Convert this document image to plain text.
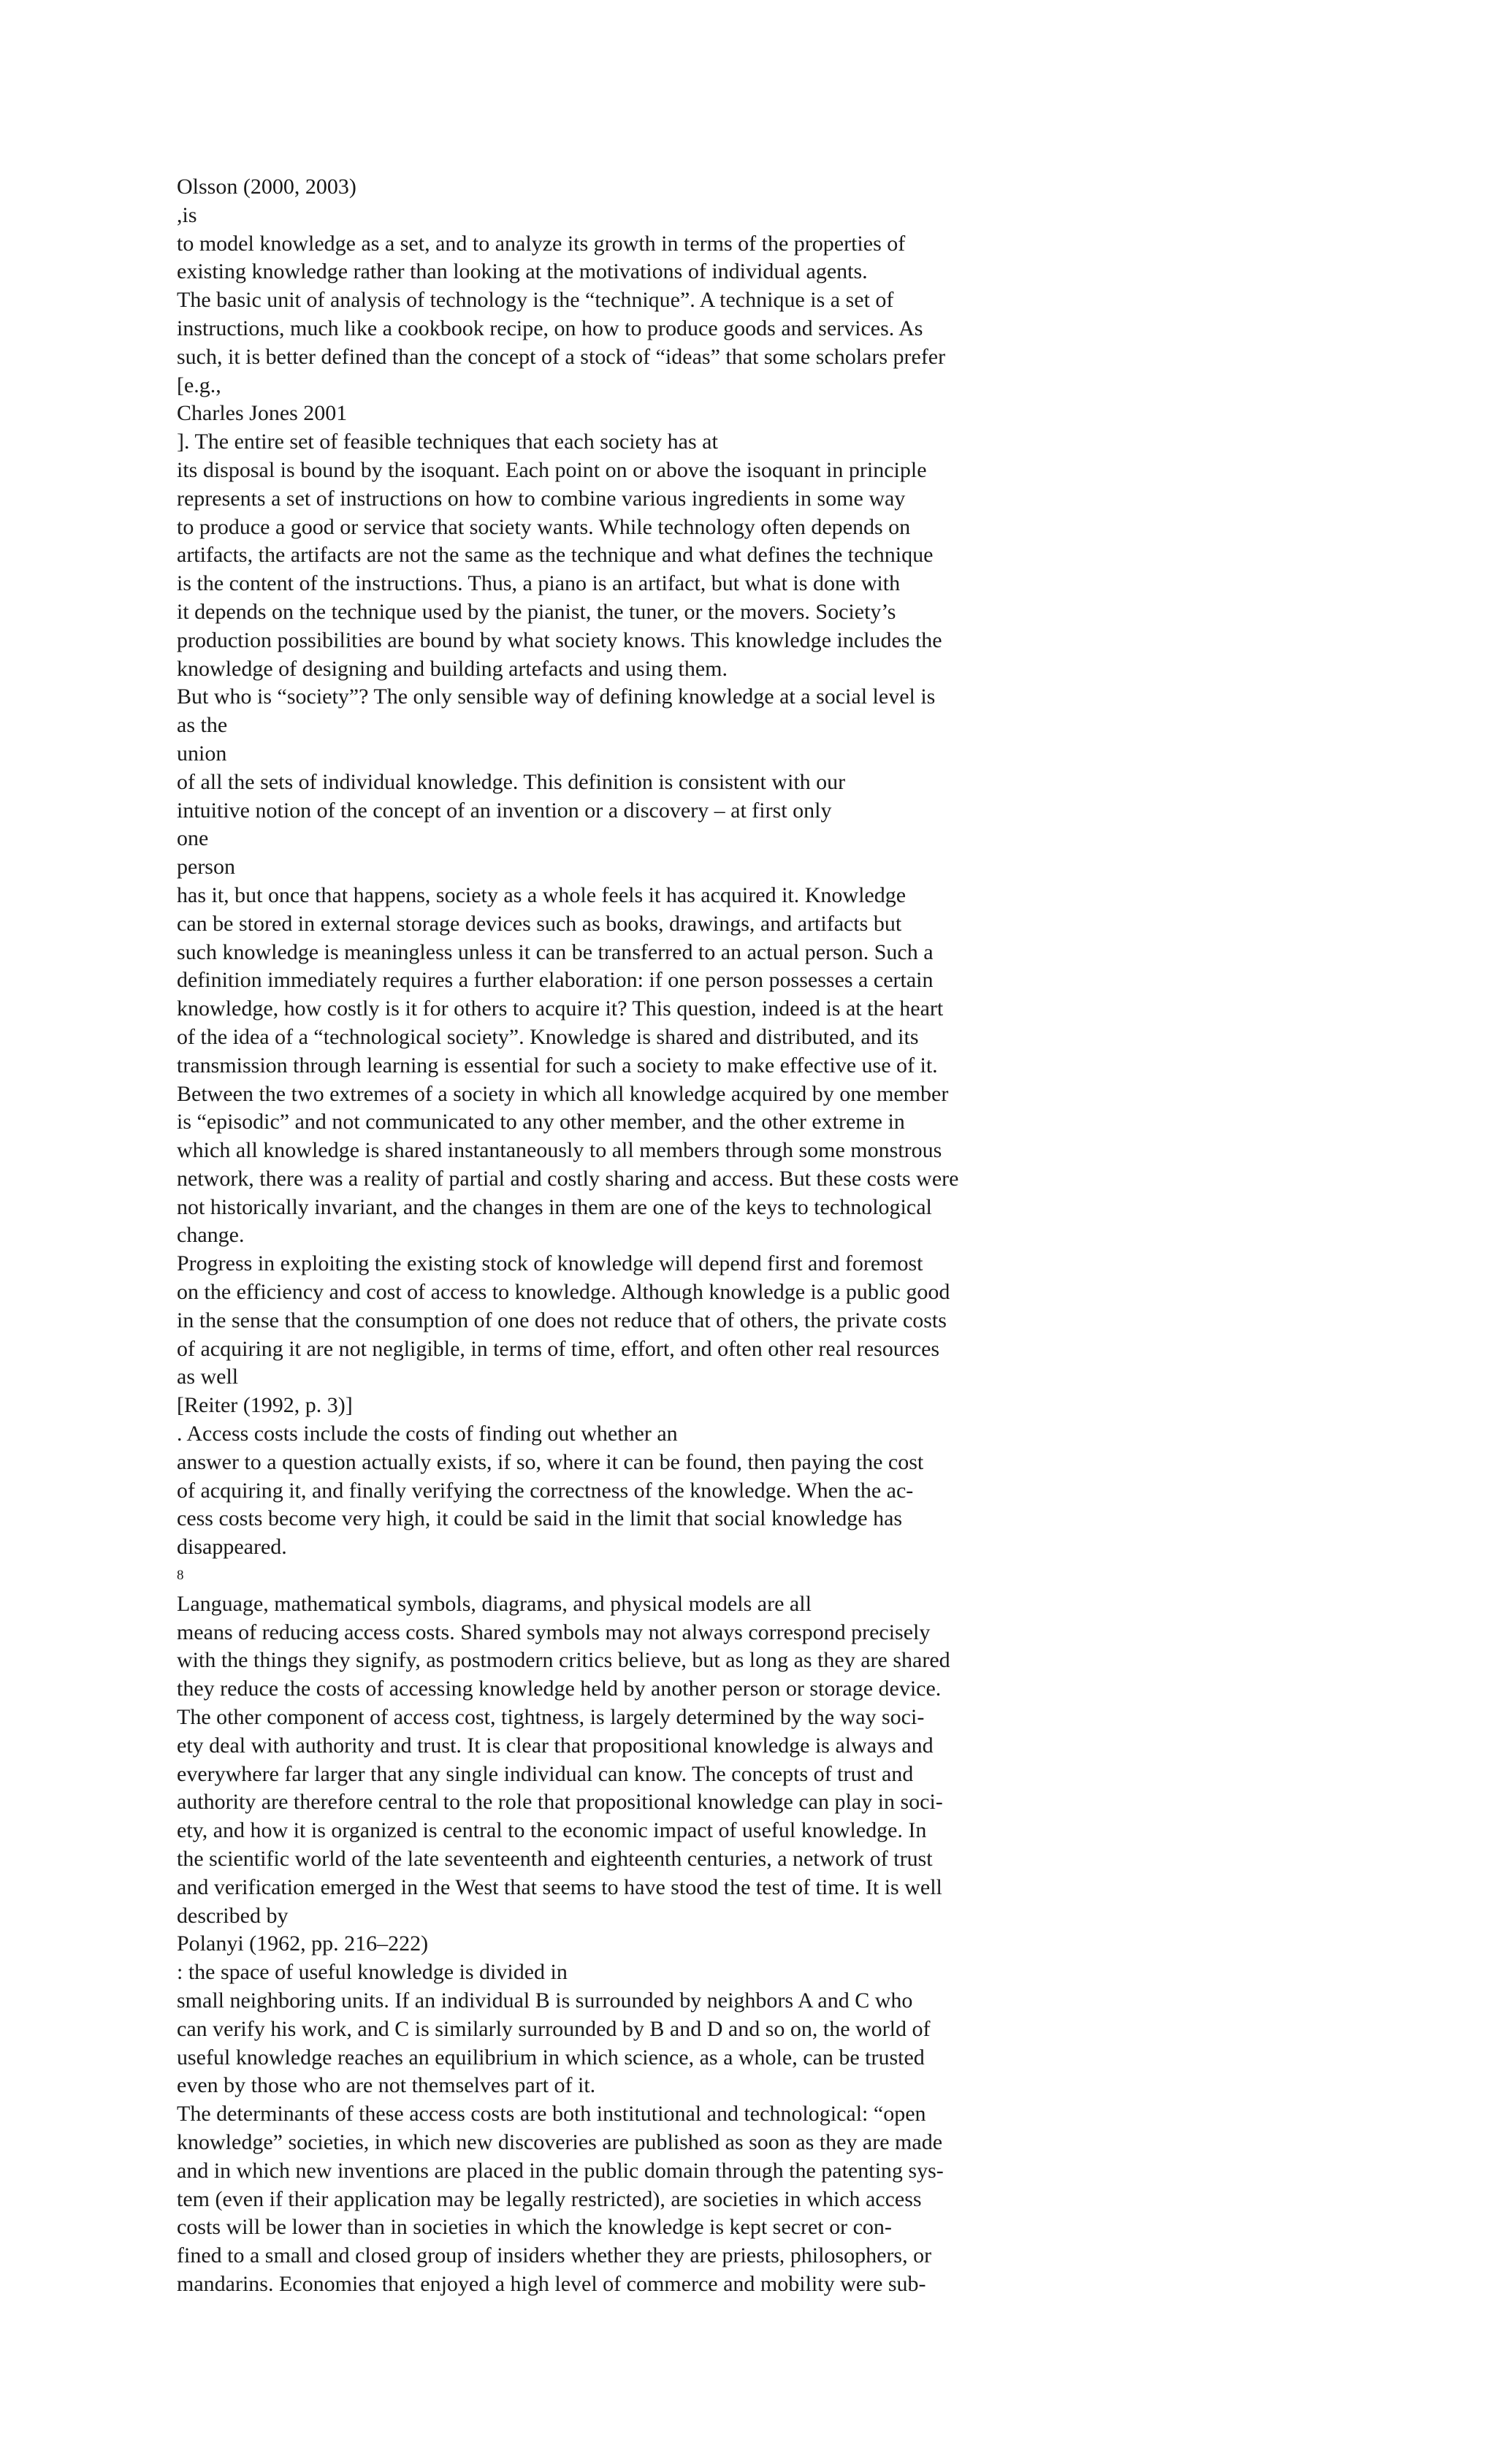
Olsson (2000, 2003)
,is
to model knowledge as a set, and to analyze its growth in terms of the properties of
existing knowledge rather than looking at the motivations of individual agents.
The basic unit of analysis of technology is the “technique”. A technique is a set of
instructions, much like a cookbook recipe, on how to produce goods and services. As
such, it is better defined than the concept of a stock of “ideas” that some scholars prefer
[e.g.,
Charles Jones 2001
]. The entire set of feasible techniques that each society has at
its disposal is bound by the isoquant. Each point on or above the isoquant in principle
represents a set of instructions on how to combine various ingredients in some way
to produce a good or service that society wants. While technology often depends on
artifacts, the artifacts are not the same as the technique and what defines the technique
is the content of the instructions. Thus, a piano is an artifact, but what is done with
it depends on the technique used by the pianist, the tuner, or the movers. Society’s
production possibilities are bound by what society knows. This knowledge includes the
knowledge of designing and building artefacts and using them.
But who is “society”? The only sensible way of defining knowledge at a social level is
as the
union
of all the sets of individual knowledge. This definition is consistent with our
intuitive notion of the concept of an invention or a discovery – at first only
one
person
has it, but once that happens, society as a whole feels it has acquired it. Knowledge
can be stored in external storage devices such as books, drawings, and artifacts but
such knowledge is meaningless unless it can be transferred to an actual person. Such a
definition immediately requires a further elaboration: if one person possesses a certain
knowledge, how costly is it for others to acquire it? This question, indeed is at the heart
of the idea of a “technological society”. Knowledge is shared and distributed, and its
transmission through learning is essential for such a society to make effective use of it.
Between the two extremes of a society in which all knowledge acquired by one member
is “episodic” and not communicated to any other member, and the other extreme in
which all knowledge is shared instantaneously to all members through some monstrous
network, there was a reality of partial and costly sharing and access. But these costs were
not historically invariant, and the changes in them are one of the keys to technological
change.
Progress in exploiting the existing stock of knowledge will depend first and foremost
on the efficiency and cost of access to knowledge. Although knowledge is a public good
in the sense that the consumption of one does not reduce that of others, the private costs
of acquiring it are not negligible, in terms of time, effort, and often other real resources
as well
[Reiter (1992, p. 3)]
. Access costs include the costs of finding out whether an
answer to a question actually exists, if so, where it can be found, then paying the cost
of acquiring it, and finally verifying the correctness of the knowledge. When the ac-
cess costs become very high, it could be said in the limit that social knowledge has
disappeared.
8
Language, mathematical symbols, diagrams, and physical models are all
means of reducing access costs. Shared symbols may not always correspond precisely
with the things they signify, as postmodern critics believe, but as long as they are shared
they reduce the costs of accessing knowledge held by another person or storage device.
The other component of access cost, tightness, is largely determined by the way soci-
ety deal with authority and trust. It is clear that propositional knowledge is always and
everywhere far larger that any single individual can know. The concepts of trust and
authority are therefore central to the role that propositional knowledge can play in soci-
ety, and how it is organized is central to the economic impact of useful knowledge. In
the scientific world of the late seventeenth and eighteenth centuries, a network of trust
and verification emerged in the West that seems to have stood the test of time. It is well
described by
Polanyi (1962, pp. 216–222)
: the space of useful knowledge is divided in
small neighboring units. If an individual B is surrounded by neighbors A and C who
can verify his work, and C is similarly surrounded by B and D and so on, the world of
useful knowledge reaches an equilibrium in which science, as a whole, can be trusted
even by those who are not themselves part of it.
The determinants of these access costs are both institutional and technological: “open
knowledge” societies, in which new discoveries are published as soon as they are made
and in which new inventions are placed in the public domain through the patenting sys-
tem (even if their application may be legally restricted), are societies in which access
costs will be lower than in societies in which the knowledge is kept secret or con-
fined to a small and closed group of insiders whether they are priests, philosophers, or
mandarins. Economies that enjoyed a high level of commerce and mobility were sub-
